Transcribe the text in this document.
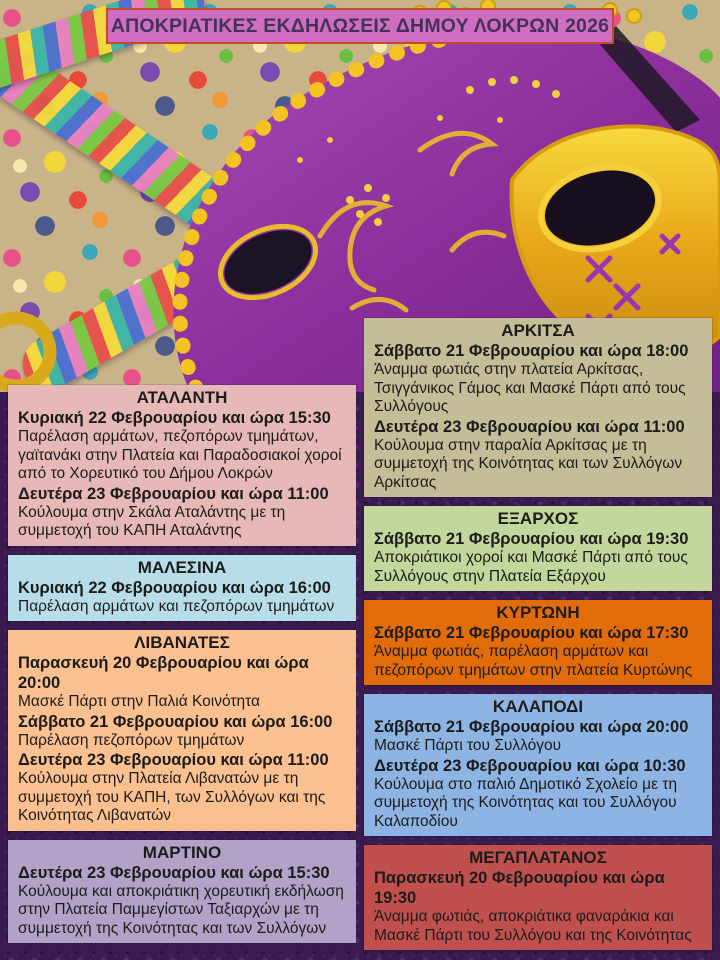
ΑΠΟΚΡΙΑΤΙΚΕΣ ΕΚΔΗΛΩΣΕΙΣ ΔΗΜΟΥ ΛΟΚΡΩΝ 2026
ΑΤΑΛΑΝΤΗ

Κυριακή 22 Φεβρουαρίου και ώρα 15:30

Παρέλαση αρμάτων, πεζοπόρων τμημάτων, γαϊτανάκι στην Πλατεία και Παραδοσιακοί χοροί από το Χορευτικό του Δήμου Λοκρών

Δευτέρα 23 Φεβρουαρίου και ώρα 11:00

Κούλουμα στην Σκάλα Αταλάντης με τη συμμετοχή του ΚΑΠΗ Αταλάντης

ΜΑΛΕΣΙΝΑ

Κυριακή 22 Φεβρουαρίου και ώρα 16:00

Παρέλαση αρμάτων και πεζοπόρων τμημάτων

ΛΙΒΑΝΑΤΕΣ

Παρασκευή 20 Φεβρουαρίου και ώρα 20:00

Μασκέ Πάρτι στην Παλιά Κοινότητα

Σάββατο 21 Φεβρουαρίου και ώρα 16:00

Παρέλαση πεζοπόρων τμημάτων

Δευτέρα 23 Φεβρουαρίου και ώρα 11:00

Κούλουμα στην Πλατεία Λιβανατών με τη συμμετοχή του ΚΑΠΗ, των Συλλόγων και της Κοινότητας Λιβανατών

ΜΑΡΤΙΝΟ

Δευτέρα 23 Φεβρουαρίου και ώρα 15:30

Κούλουμα και αποκριάτικη χορευτική εκδήλωση στην Πλατεία Παμμεγίστων Ταξιαρχών με τη συμμετοχή της Κοινότητας και των Συλλόγων

ΑΡΚΙΤΣΑ

Σάββατο 21 Φεβρουαρίου και ώρα 18:00

Άναμμα φωτιάς στην πλατεία Αρκίτσας, Τσιγγάνικος Γάμος και Μασκέ Πάρτι από τους Συλλόγους

Δευτέρα 23 Φεβρουαρίου και ώρα 11:00

Κούλουμα στην παραλία Αρκίτσας με τη συμμετοχή της Κοινότητας και των Συλλόγων Αρκίτσας

ΕΞΑΡΧΟΣ

Σάββατο 21 Φεβρουαρίου και ώρα 19:30

Αποκριάτικοι χοροί και Μασκέ Πάρτι από τους Συλλόγους στην Πλατεία Εξάρχου

ΚΥΡΤΩΝΗ

Σάββατο 21 Φεβρουαρίου και ώρα 17:30

Άναμμα φωτιάς, παρέλαση αρμάτων και πεζοπόρων τμημάτων στην πλατεία Κυρτώνης

ΚΑΛΑΠΟΔΙ

Σάββατο 21 Φεβρουαρίου και ώρα 20:00

Μασκέ Πάρτι του Συλλόγου

Δευτέρα 23 Φεβρουαρίου και ώρα 10:30

Κούλουμα στο παλιό Δημοτικό Σχολείο με τη συμμετοχή της Κοινότητας και του Συλλόγου Καλαποδίου

ΜΕΓΑΠΛΑΤΑΝΟΣ

Παρασκευή 20 Φεβρουαρίου και ώρα 19:30

Άναμμα φωτιάς, αποκριάτικα φαναράκια και Μασκέ Πάρτι του Συλλόγου και της Κοινότητας
